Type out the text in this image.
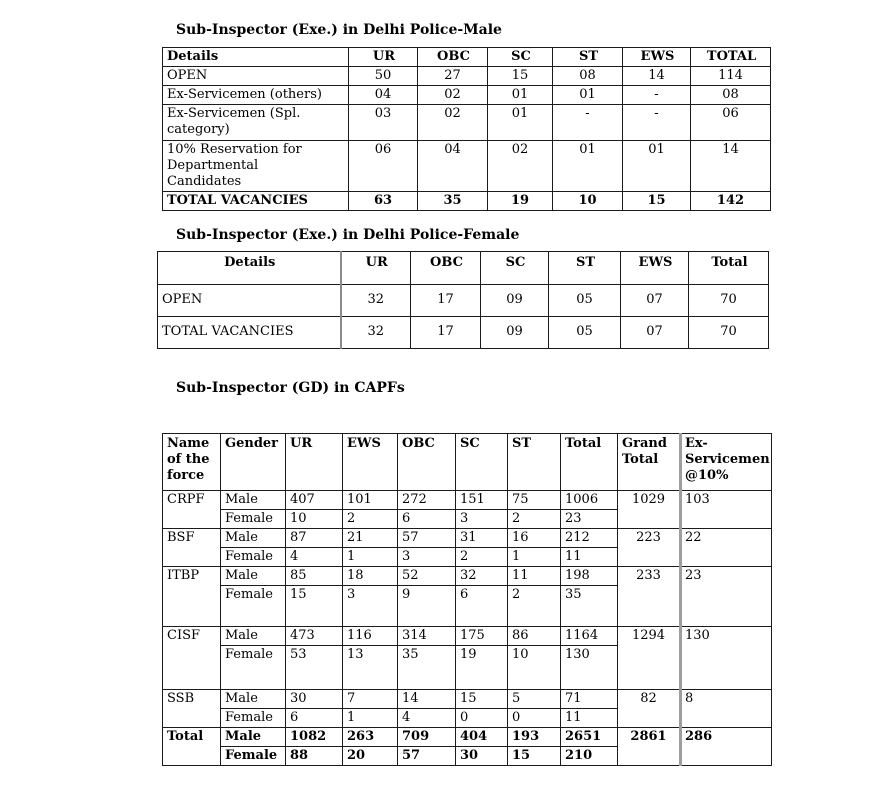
Sub-Inspector (Exe.) in Delhi Police-Male
Details	UR	OBC	SC	ST	EWS	TOTAL
OPEN	50	27	15	08	14	114
Ex-Servicemen (others)	04	02	01	01	-	08
Ex-Servicemen (Spl. category)	03	02	01	-	-	06
10% Reservation for Departmental Candidates	06	04	02	01	01	14
TOTAL VACANCIES	63	35	19	10	15	142
Sub-Inspector (Exe.) in Delhi Police-Female
Details	UR	OBC	SC	ST	EWS	Total
OPEN	32	17	09	05	07	70
TOTAL VACANCIES	32	17	09	05	07	70
Sub-Inspector (GD) in CAPFs
Name of the force	Gender	UR	EWS	OBC	SC	ST	Total	Grand Total	Ex-Servicemen @10%
CRPF	Male	407	101	272	151	75	1006	1029	103
	Female	10	2	6	3	2	23		
BSF	Male	87	21	57	31	16	212	223	22
	Female	4	1	3	2	1	11		
ITBP	Male	85	18	52	32	11	198	233	23
	Female	15	3	9	6	2	35		
CISF	Male	473	116	314	175	86	1164	1294	130
	Female	53	13	35	19	10	130		
SSB	Male	30	7	14	15	5	71	82	8
	Female	6	1	4	0	0	11		
Total	Male	1082	263	709	404	193	2651	2861	286
	Female	88	20	57	30	15	210		
